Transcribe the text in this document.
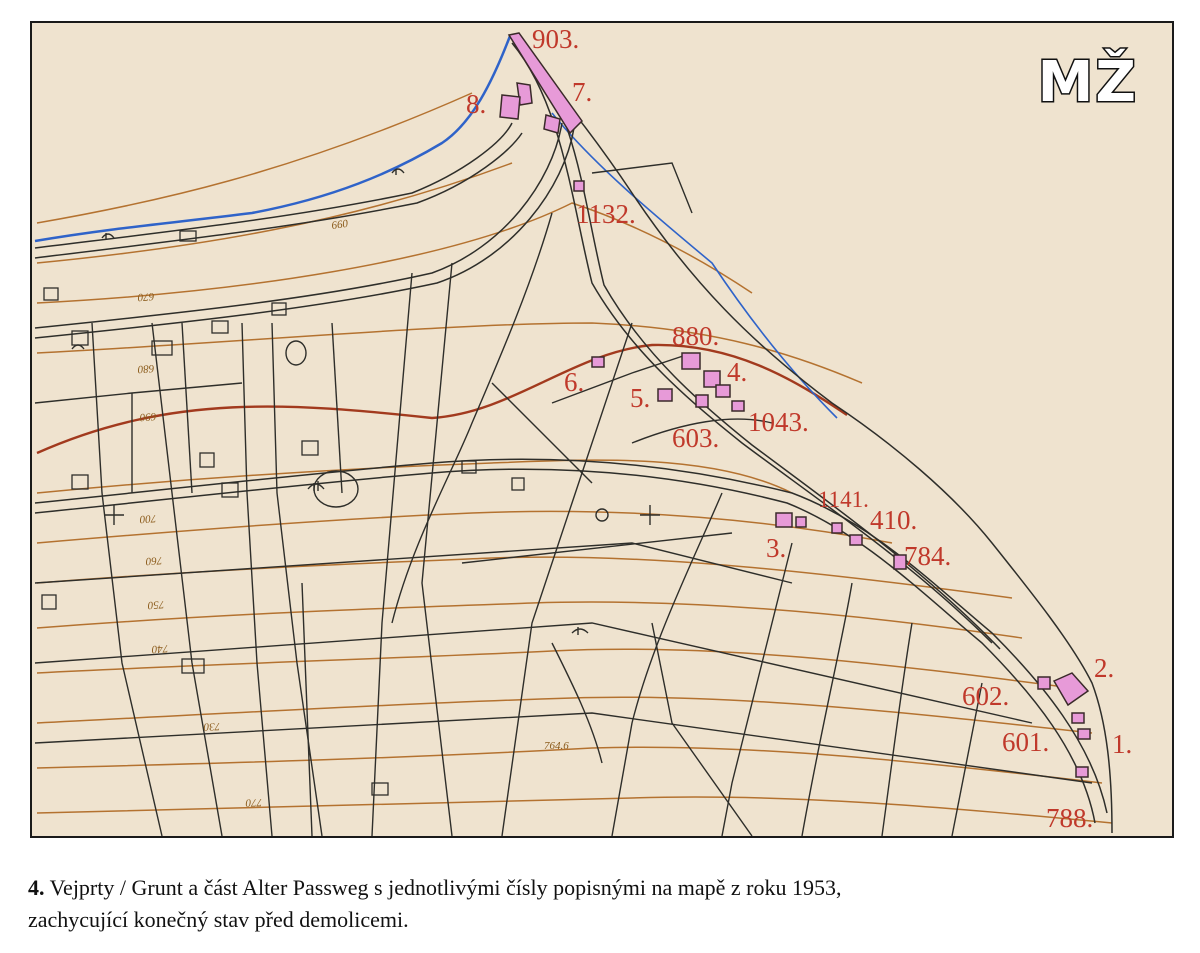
660
670
680
690
700
760
750
740
730
770
764.6
903.
7.
8.
1132.
880.
4.
6.
5.
603.
1043.
1141.
410.
3.	784.
2.
602.
601. 1.
788.
MŽ
4. Vejprty / Grunt a část Alter Passweg s jednotlivými čísly popisnými na mapě z roku 1953,
zachycující konečný stav před demolicemi.
